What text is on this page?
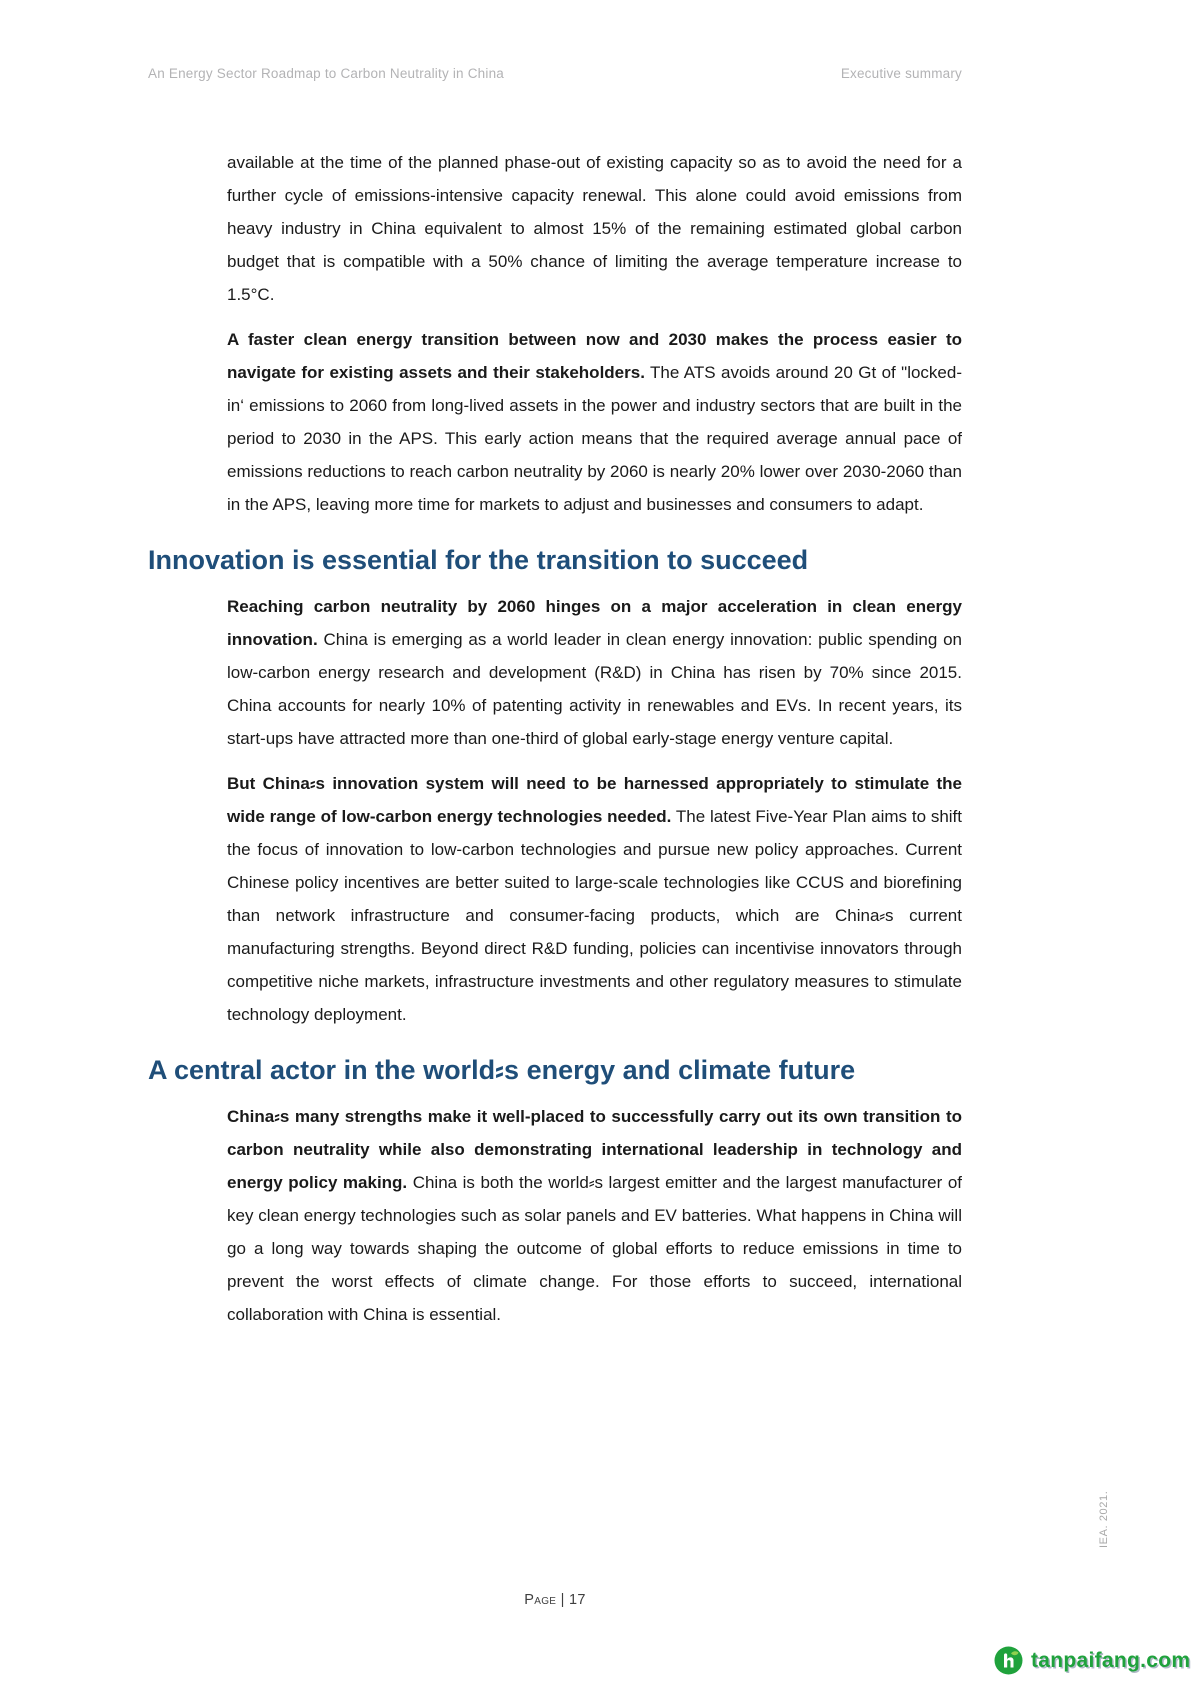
An Energy Sector Roadmap to Carbon Neutrality in China	Executive summary

available at the time of the planned phase-out of existing capacity so as to avoid the need for a further cycle of emissions-intensive capacity renewal. This alone could avoid emissions from heavy industry in China equivalent to almost 15% of the remaining estimated global carbon budget that is compatible with a 50% chance of limiting the average temperature increase to 1.5°C.

A faster clean energy transition between now and 2030 makes the process easier to navigate for existing assets and their stakeholders. The ATS avoids around 20 Gt of "locked-in‘ emissions to 2060 from long-lived assets in the power and industry sectors that are built in the period to 2030 in the APS. This early action means that the required average annual pace of emissions reductions to reach carbon neutrality by 2060 is nearly 20% lower over 2030-2060 than in the APS, leaving more time for markets to adjust and businesses and consumers to adapt.

Innovation is essential for the transition to succeed

Reaching carbon neutrality by 2060 hinges on a major acceleration in clean energy innovation. China is emerging as a world leader in clean energy innovation: public spending on low-carbon energy research and development (R&D) in China has risen by 70% since 2015. China accounts for nearly 10% of patenting activity in renewables and EVs. In recent years, its start-ups have attracted more than one-third of global early-stage energy venture capital.

But China⸗s innovation system will need to be harnessed appropriately to stimulate the wide range of low-carbon energy technologies needed. The latest Five-Year Plan aims to shift the focus of innovation to low-carbon technologies and pursue new policy approaches. Current Chinese policy incentives are better suited to large-scale technologies like CCUS and biorefining than network infrastructure and consumer-facing products, which are China⸗s current manufacturing strengths. Beyond direct R&D funding, policies can incentivise innovators through competitive niche markets, infrastructure investments and other regulatory measures to stimulate technology deployment.

A central actor in the world⸗s energy and climate future

China⸗s many strengths make it well-placed to successfully carry out its own transition to carbon neutrality while also demonstrating international leadership in technology and energy policy making. China is both the world⸗s largest emitter and the largest manufacturer of key clean energy technologies such as solar panels and EV batteries. What happens in China will go a long way towards shaping the outcome of global efforts to reduce emissions in time to prevent the worst effects of climate change. For those efforts to succeed, international collaboration with China is essential.

Page | 17
IEA. 2021.
tanpaifang.com
